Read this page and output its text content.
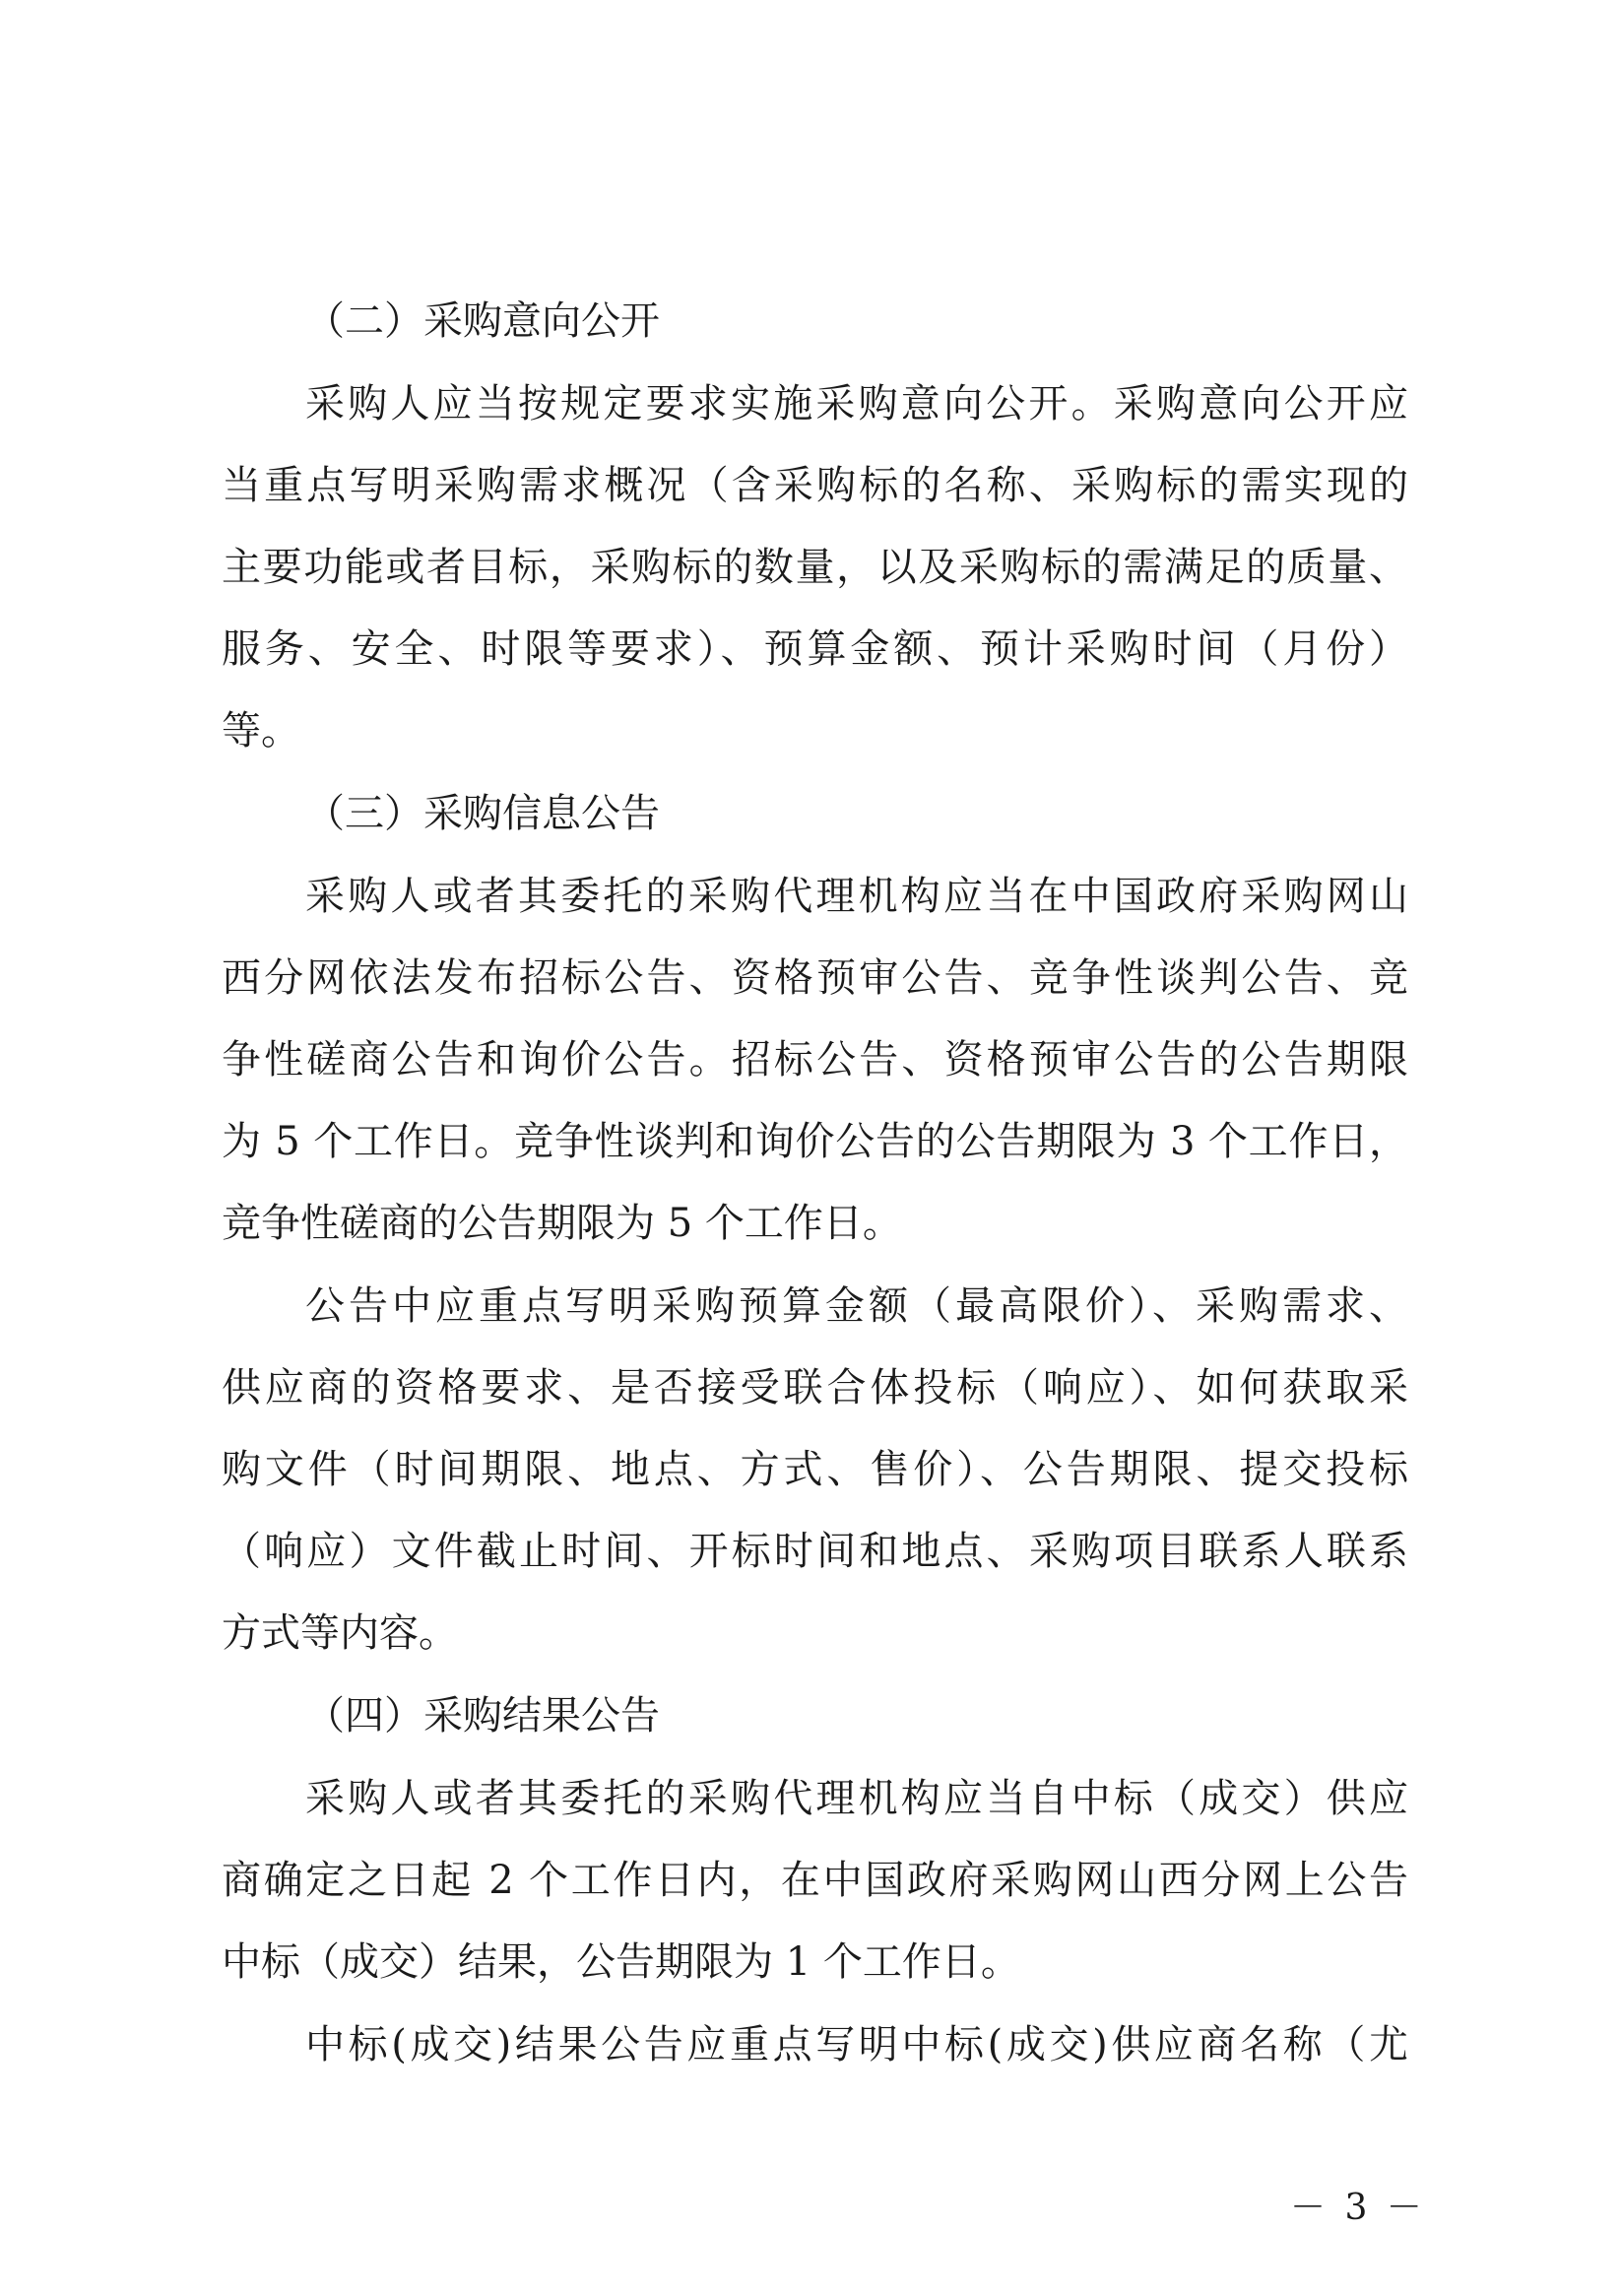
（二）采购意向公开
采购人应当按规定要求实施采购意向公开。采购意向公开应
当重点写明采购需求概况（含采购标的名称、采购标的需实现的
主要功能或者目标，采购标的数量，以及采购标的需满足的质量、
服务、安全、时限等要求）、预算金额、预计采购时间（月份）
等。
（三）采购信息公告
采购人或者其委托的采购代理机构应当在中国政府采购网山
西分网依法发布招标公告、资格预审公告、竞争性谈判公告、竞
争性磋商公告和询价公告。招标公告、资格预审公告的公告期限
为 5 个工作日。竞争性谈判和询价公告的公告期限为 3 个工作日，
竞争性磋商的公告期限为 5 个工作日。
公告中应重点写明采购预算金额（最高限价）、采购需求、
供应商的资格要求、是否接受联合体投标（响应）、如何获取采
购文件（时间期限、地点、方式、售价）、公告期限、提交投标
（响应）文件截止时间、开标时间和地点、采购项目联系人联系
方式等内容。
（四）采购结果公告
采购人或者其委托的采购代理机构应当自中标（成交）供应
商确定之日起 2 个工作日内，在中国政府采购网山西分网上公告
中标（成交）结果，公告期限为 1 个工作日。
中标(成交)结果公告应重点写明中标(成交)供应商名称（尤
－ 3 －
